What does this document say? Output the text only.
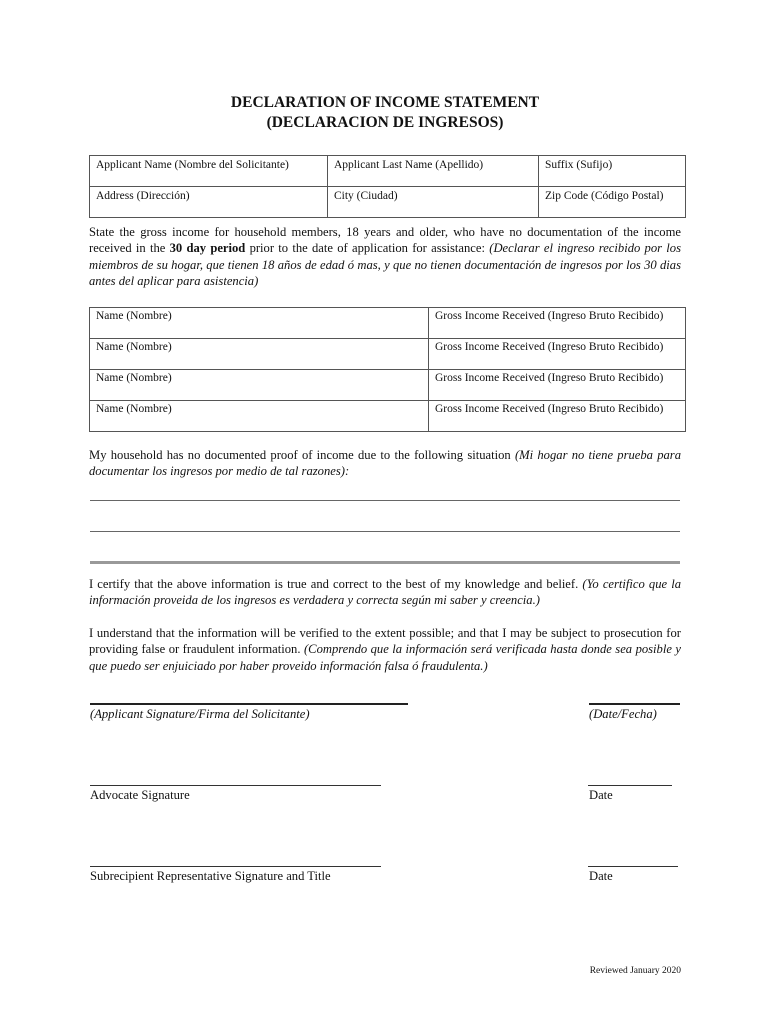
DECLARATION OF INCOME STATEMENT
(DECLARACION DE INGRESOS)
Applicant Name (Nombre del Solicitante)	Applicant Last Name (Apellido)	Suffix (Sufijo)
Address (Dirección)	City (Ciudad)	Zip Code (Código Postal)
State the gross income for household members, 18 years and older, who have no documentation of the income received in the 30 day period prior to the date of application for assistance: (Declarar el ingreso recibido por los miembros de su hogar, que tienen 18 años de edad ó mas, y que no tienen documentación de ingresos por los 30 dias antes del aplicar para asistencia)
Name (Nombre)	Gross Income Received (Ingreso Bruto Recibido)
Name (Nombre)	Gross Income Received (Ingreso Bruto Recibido)
Name (Nombre)	Gross Income Received (Ingreso Bruto Recibido)
Name (Nombre)	Gross Income Received (Ingreso Bruto Recibido)
My household has no documented proof of income due to the following situation (Mi hogar no tiene prueba para documentar los ingresos por medio de tal razones):
I certify that the above information is true and correct to the best of my knowledge and belief. (Yo certifico que la información proveida de los ingresos es verdadera y correcta según mi saber y creencia.)
I understand that the information will be verified to the extent possible; and that I may be subject to prosecution for providing false or fraudulent information. (Comprendo que la información será verificada hasta donde sea posible y que puedo ser enjuiciado por haber proveido información falsa ó fraudulenta.)
(Applicant Signature/Firma del Solicitante)	(Date/Fecha)
Advocate Signature	Date
Subrecipient Representative Signature and Title	Date
Reviewed January 2020
